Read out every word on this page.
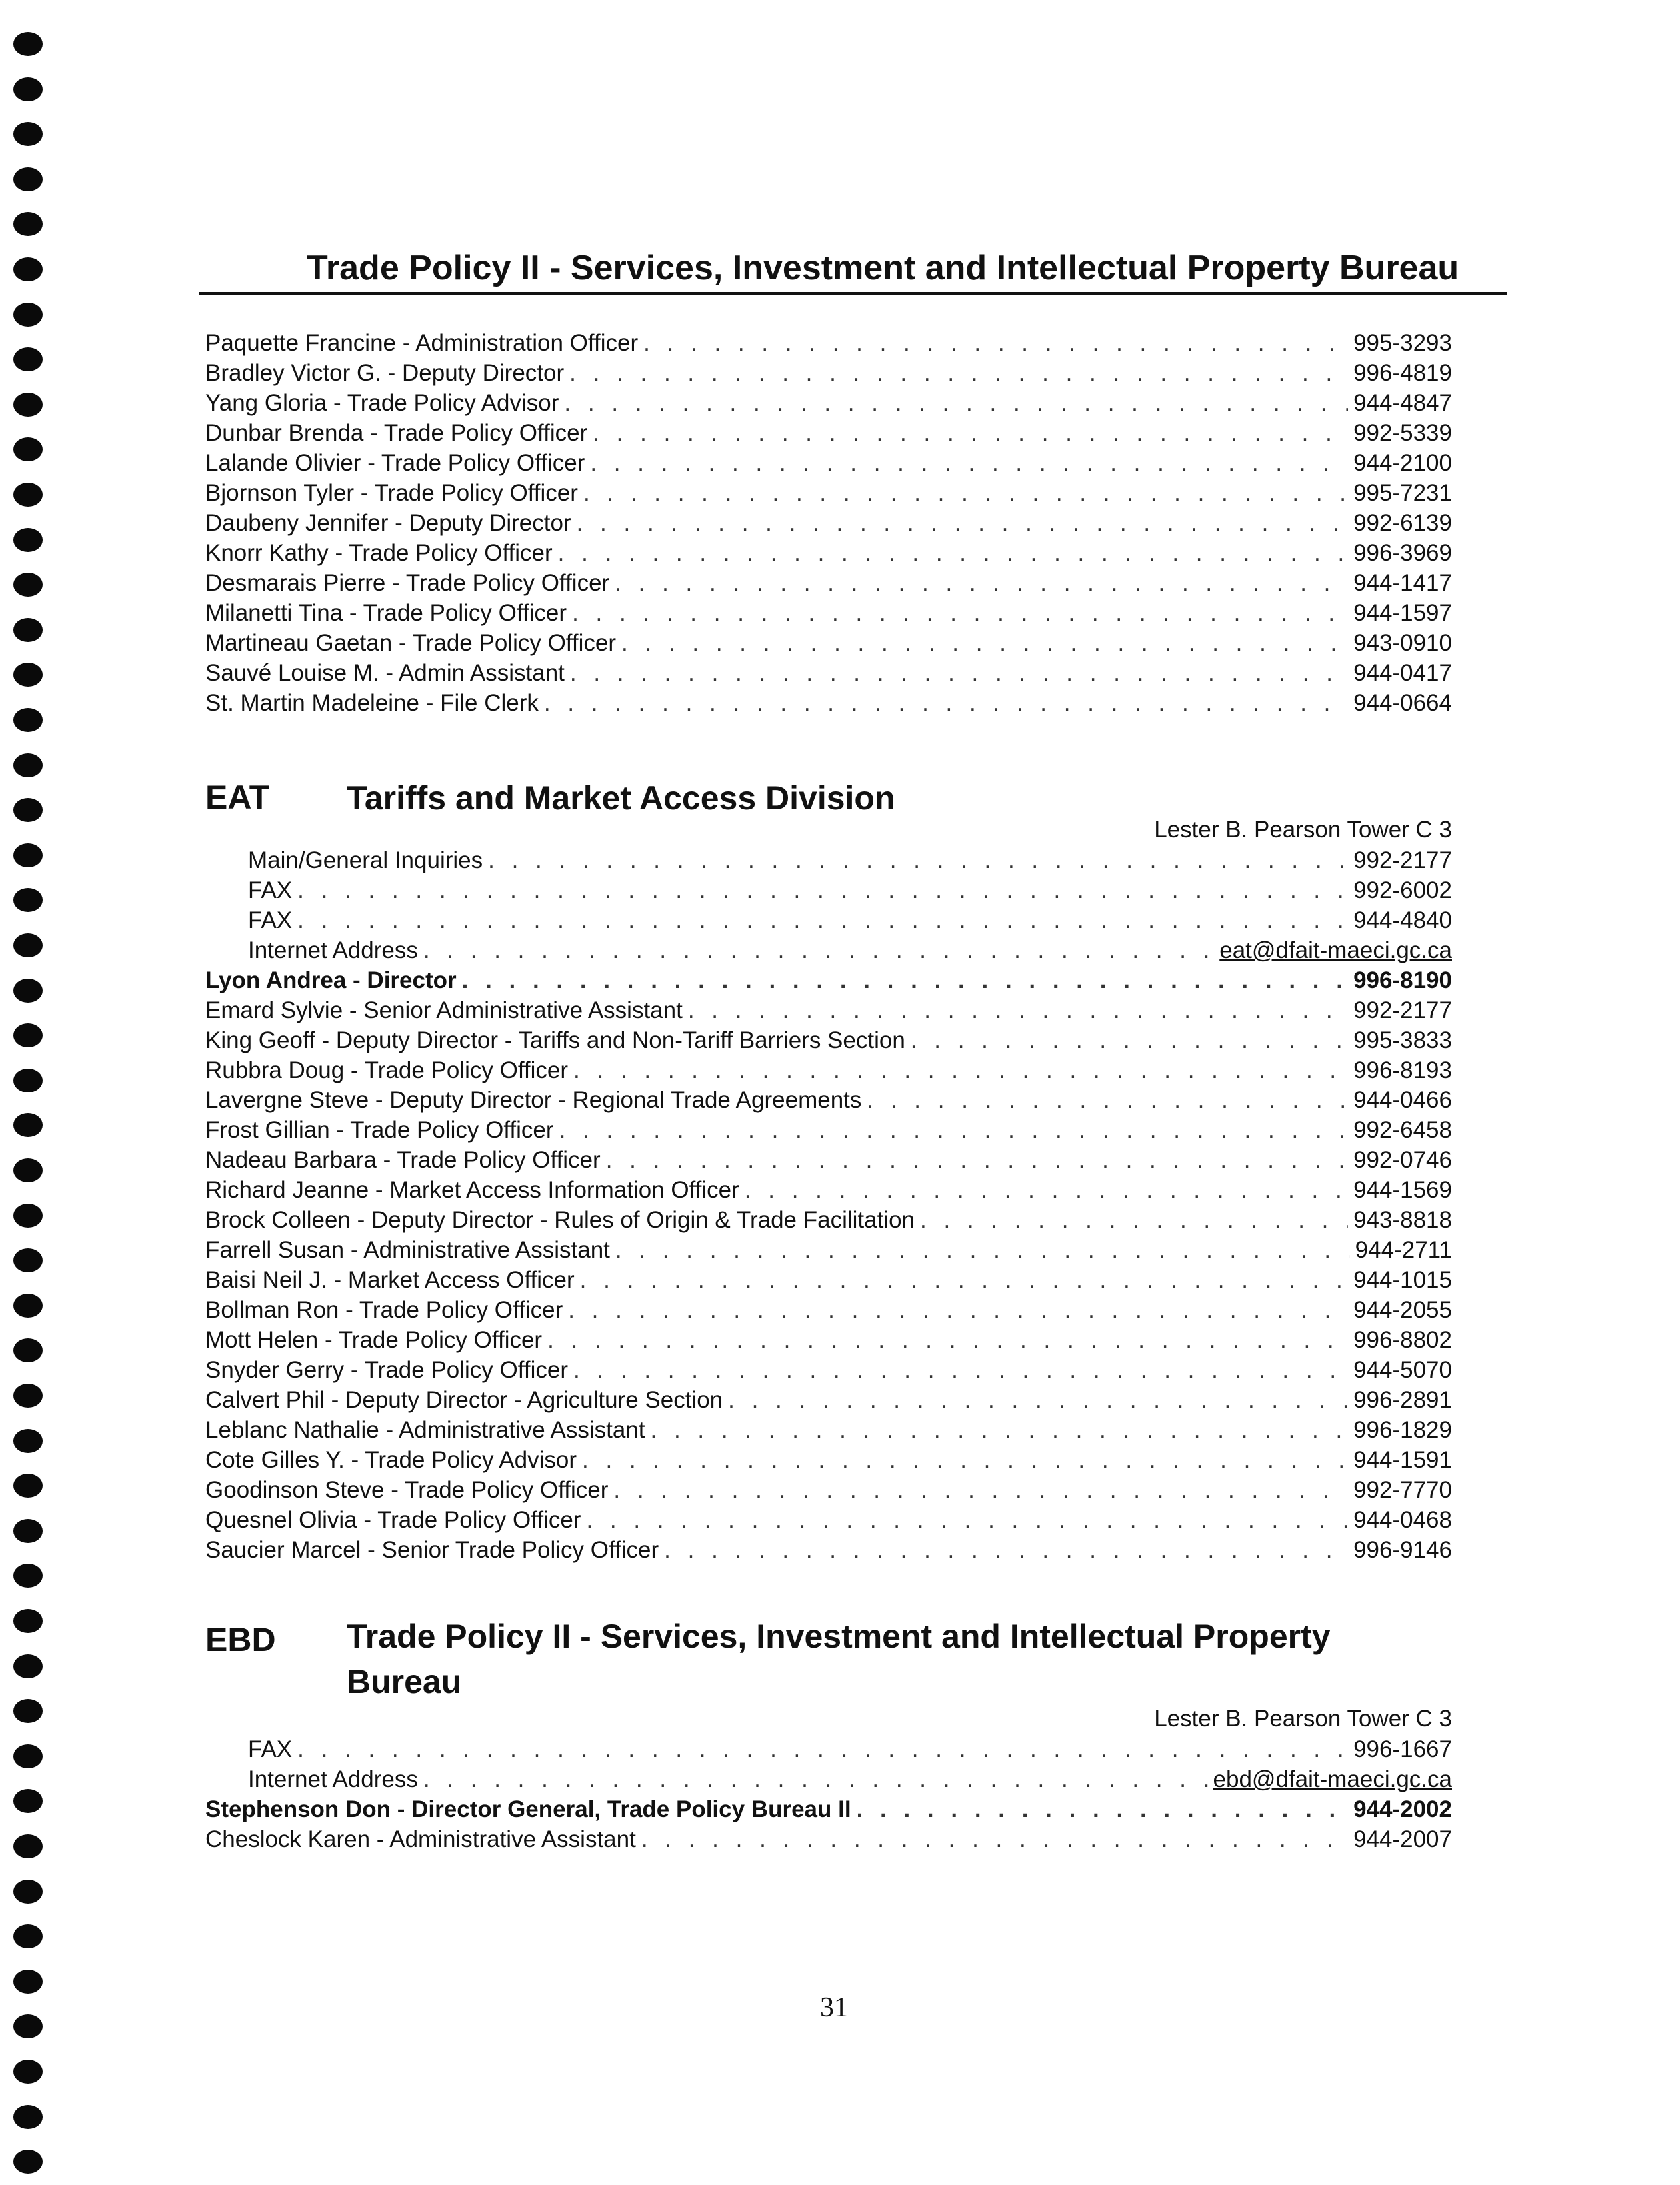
Trade Policy II - Services, Investment and Intellectual Property Bureau
Paquette Francine - Administration Officer . . .	995-3293
Bradley Victor G. - Deputy Director . . .	996-4819
Yang Gloria - Trade Policy Advisor . . .	944-4847
Dunbar Brenda - Trade Policy Officer . . .	992-5339
Lalande Olivier - Trade Policy Officer . . .	944-2100
Bjornson Tyler - Trade Policy Officer . . .	995-7231
Daubeny Jennifer - Deputy Director . . .	992-6139
Knorr Kathy - Trade Policy Officer . . .	996-3969
Desmarais Pierre - Trade Policy Officer . . .	944-1417
Milanetti Tina - Trade Policy Officer . . .	944-1597
Martineau Gaetan - Trade Policy Officer . . .	943-0910
Sauvé Louise M. - Admin Assistant . . .	944-0417
St. Martin Madeleine - File Clerk . . .	944-0664
EAT Tariffs and Market Access Division
Lester B. Pearson Tower C 3
Main/General Inquiries . . .	992-2177
FAX . . .	992-6002
FAX . . .	944-4840
Internet Address . . .	eat@dfait-maeci.gc.ca
Lyon Andrea - Director . . .	996-8190
Emard Sylvie - Senior Administrative Assistant . . .	992-2177
King Geoff - Deputy Director - Tariffs and Non-Tariff Barriers Section . . .	995-3833
Rubbra Doug - Trade Policy Officer . . .	996-8193
Lavergne Steve - Deputy Director - Regional Trade Agreements . . .	944-0466
Frost Gillian - Trade Policy Officer . . .	992-6458
Nadeau Barbara - Trade Policy Officer . . .	992-0746
Richard Jeanne - Market Access Information Officer . . .	944-1569
Brock Colleen - Deputy Director - Rules of Origin & Trade Facilitation . . .	943-8818
Farrell Susan - Administrative Assistant . . .	944-2711
Baisi Neil J. - Market Access Officer . . .	944-1015
Bollman Ron - Trade Policy Officer . . .	944-2055
Mott Helen - Trade Policy Officer . . .	996-8802
Snyder Gerry - Trade Policy Officer . . .	944-5070
Calvert Phil - Deputy Director - Agriculture Section . . .	996-2891
Leblanc Nathalie - Administrative Assistant . . .	996-1829
Cote Gilles Y. - Trade Policy Advisor . . .	944-1591
Goodinson Steve - Trade Policy Officer . . .	992-7770
Quesnel Olivia - Trade Policy Officer . . .	944-0468
Saucier Marcel - Senior Trade Policy Officer . . .	996-9146
EBD Trade Policy II - Services, Investment and Intellectual Property
Bureau
Lester B. Pearson Tower C 3
FAX . . .	996-1667
Internet Address . . .	ebd@dfait-maeci.gc.ca
Stephenson Don - Director General, Trade Policy Bureau II . . .	944-2002
Cheslock Karen - Administrative Assistant . . .	944-2007
31
